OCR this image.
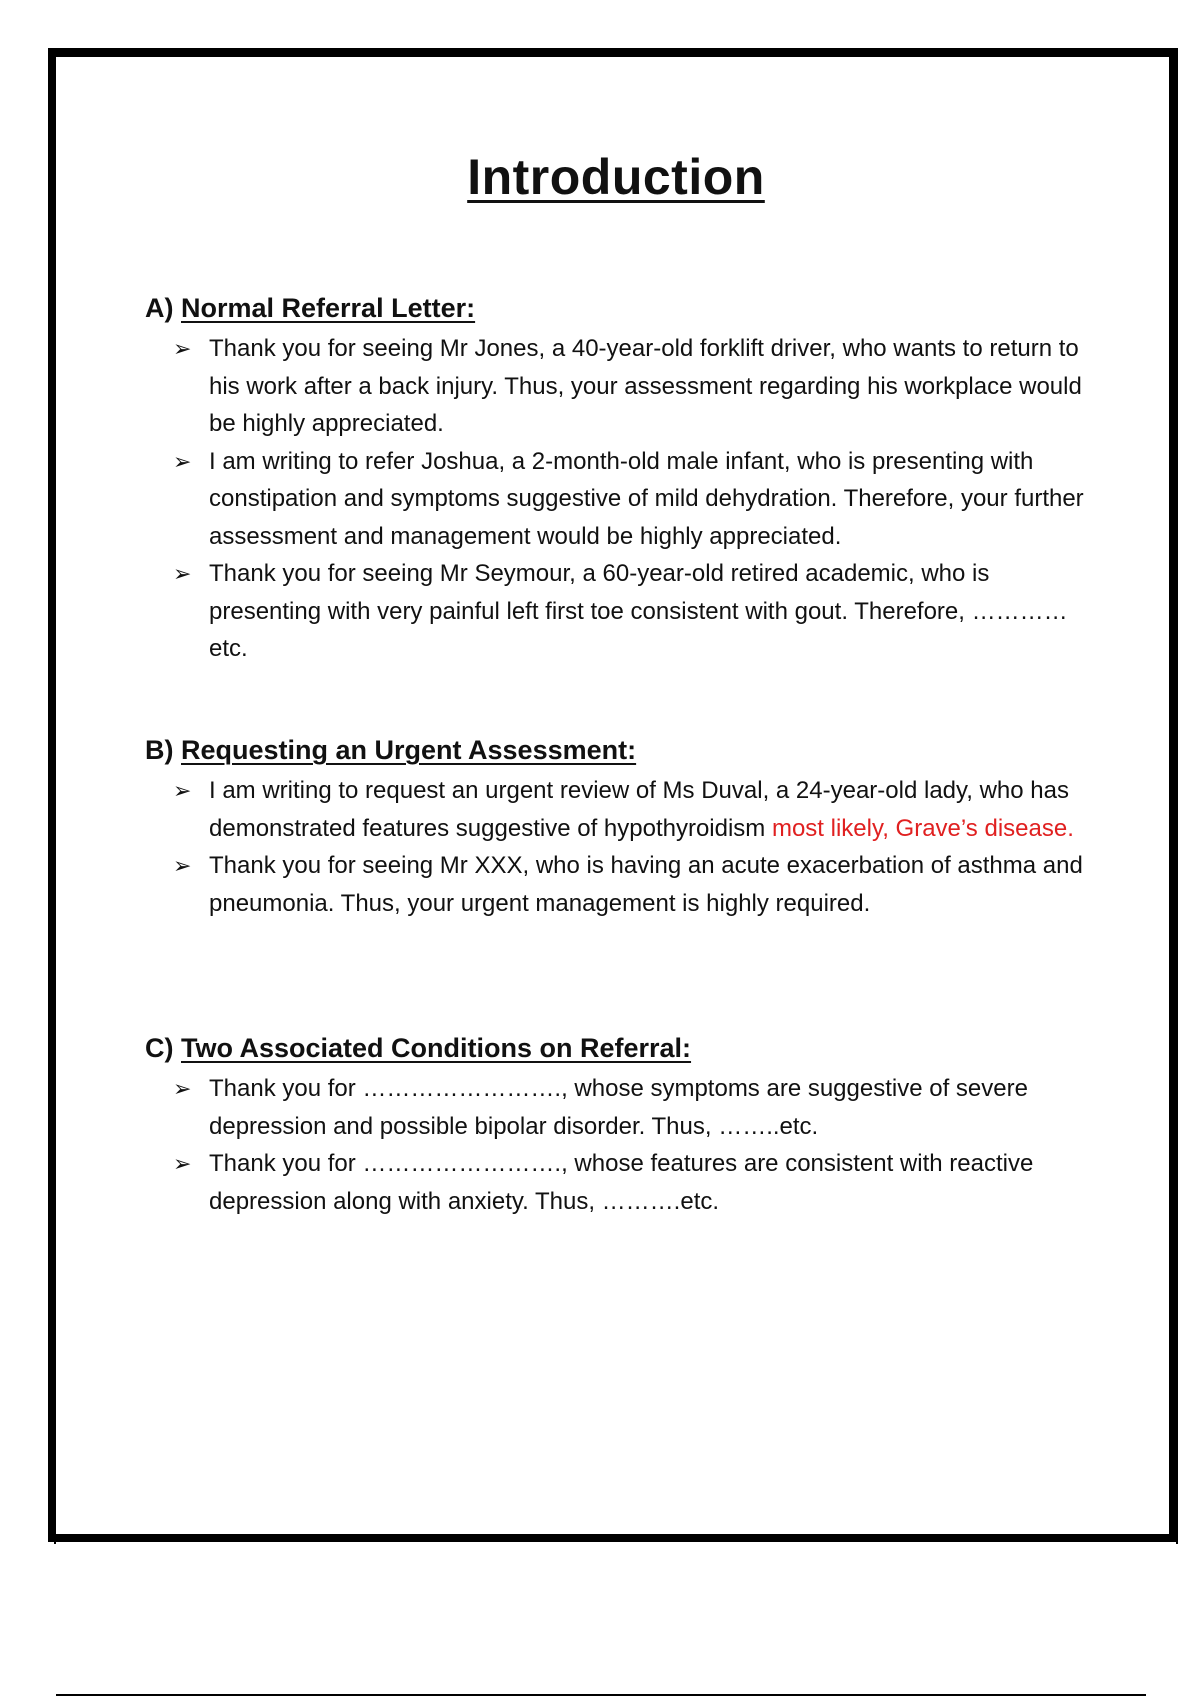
Introduction
A) Normal Referral Letter:
➢ Thank you for seeing Mr Jones, a 40-year-old forklift driver, who wants to return to his work after a back injury. Thus, your assessment regarding his workplace would be highly appreciated.
➢ I am writing to refer Joshua, a 2-month-old male infant, who is presenting with constipation and symptoms suggestive of mild dehydration. Therefore, your further assessment and management would be highly appreciated.
➢ Thank you for seeing Mr Seymour, a 60-year-old retired academic, who is presenting with very painful left first toe consistent with gout. Therefore, ………… etc.
B) Requesting an Urgent Assessment:
➢ I am writing to request an urgent review of Ms Duval, a 24-year-old lady, who has demonstrated features suggestive of hypothyroidism most likely, Grave’s disease.
➢ Thank you for seeing Mr XXX, who is having an acute exacerbation of asthma and pneumonia. Thus, your urgent management is highly required.
C) Two Associated Conditions on Referral:
➢ Thank you for ……………………., whose symptoms are suggestive of severe depression and possible bipolar disorder. Thus, ……..etc.
➢ Thank you for ……………………., whose features are consistent with reactive depression along with anxiety. Thus, ……….etc.
